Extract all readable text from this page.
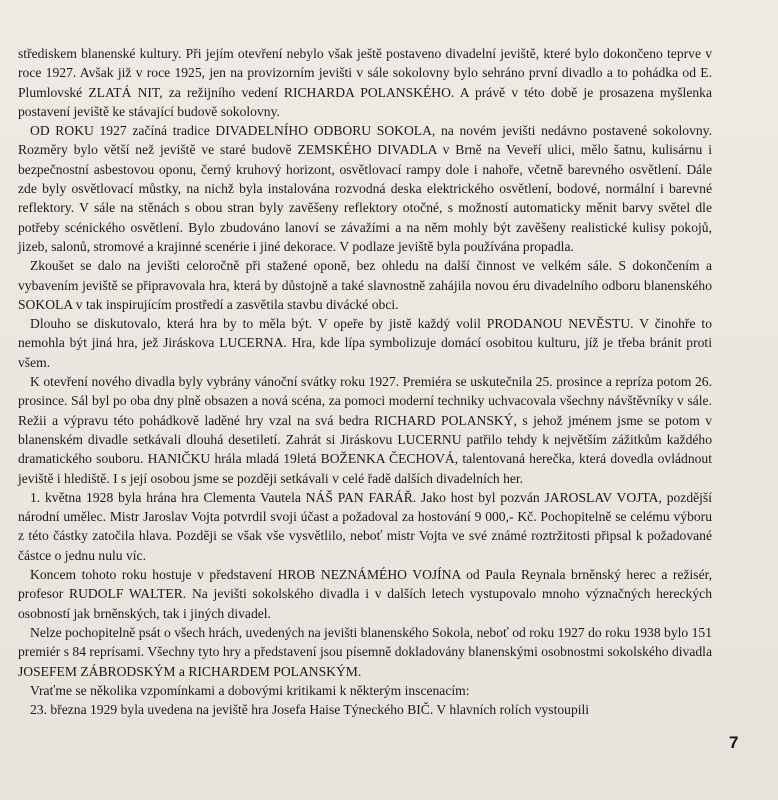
střediskem blanenské kultury. Při jejím otevření nebylo však ještě postaveno divadelní jeviště, které bylo dokončeno teprve v roce 1927. Avšak již v roce 1925, jen na provizorním jevišti v sále sokolovny bylo sehráno první divadlo a to pohádka od E. Plumlovské ZLATÁ NIT, za režijního vedení RICHARDA POLANSKÉHO. A právě v této době je prosazena myšlenka postavení jeviště ke stávající budově sokolovny.

OD ROKU 1927 začíná tradice DIVADELNÍHO ODBORU SOKOLA, na novém jevišti nedávno postavené sokolovny. Rozměry bylo větší než jeviště ve staré budově ZEMSKÉHO DIVADLA v Brně na Veveří ulici, mělo šatnu, kulisárnu i bezpečnostní asbestovou oponu, černý kruhový horizont, osvětlovací rampy dole i nahoře, včetně barevného osvětlení. Dále zde byly osvětlovací můstky, na nichž byla instalována rozvodná deska elektrického osvětlení, bodové, normální i barevné reflektory. V sále na stěnách s obou stran byly zavěšeny reflektory otočné, s možností automaticky měnit barvy světel dle potřeby scénického osvětlení. Bylo zbudováno lanoví se závažími a na něm mohly být zavěšeny realistické kulisy pokojů, jizeb, salonů, stromové a krajinné scenérie i jiné dekorace. V podlaze jeviště byla používána propadla.

Zkoušet se dalo na jevišti celoročně při stažené oponě, bez ohledu na další činnost ve velkém sále. S dokončením a vybavením jeviště se připravovala hra, která by důstojně a také slavnostně zahájila novou éru divadelního odboru blanenského SOKOLA v tak inspirujícím prostředí a zasvětila stavbu divácké obci.

Dlouho se diskutovalo, která hra by to měla být. V opeře by jistě každý volil PRODANOU NEVĚSTU. V činohře to nemohla být jiná hra, jež Jiráskova LUCERNA. Hra, kde lípa symbolizuje domácí osobitou kulturu, jíž je třeba bránit proti všem.

K otevření nového divadla byly vybrány vánoční svátky roku 1927. Premiéra se uskutečnila 25. prosince a repríza potom 26. prosince. Sál byl po oba dny plně obsazen a nová scéna, za pomoci moderní techniky uchvacovala všechny návštěvníky v sále. Režii a výpravu této pohádkově laděné hry vzal na svá bedra RICHARD POLANSKÝ, s jehož jménem jsme se potom v blanenském divadle setkávali dlouhá desetiletí. Zahrát si Jiráskovu LUCERNU patřilo tehdy k největším zážitkům každého dramatického souboru. HANIČKU hrála mladá 19letá BOŽENKA ČECHOVÁ, talentovaná herečka, která dovedla ovládnout jeviště i hlediště. I s její osobou jsme se později setkávali v celé řadě dalších divadelních her.

1. května 1928 byla hrána hra Clementa Vautela NÁŠ PAN FARÁŘ. Jako host byl pozván JAROSLAV VOJTA, pozdější národní umělec. Mistr Jaroslav Vojta potvrdil svoji účast a požadoval za hostování 9 000,- Kč. Pochopitelně se celému výboru z této částky zatočila hlava. Později se však vše vysvětlilo, neboť mistr Vojta ve své známé roztržitosti připsal k požadované částce o jednu nulu víc.

Koncem tohoto roku hostuje v představení HROB NEZNÁMÉHO VOJÍNA od Paula Reynala brněnský herec a režisér, profesor RUDOLF WALTER. Na jevišti sokolského divadla i v dalších letech vystupovalo mnoho význačných hereckých osobností jak brněnských, tak i jiných divadel.

Nelze pochopitelně psát o všech hrách, uvedených na jevišti blanenského Sokola, neboť od roku 1927 do roku 1938 bylo 151 premiér s 84 reprísami. Všechny tyto hry a představení jsou písemně dokladovány blanenskými osobnostmi sokolského divadla JOSEFEM ZÁBRODSKÝM a RICHARDEM POLANSKÝM.

Vraťme se několika vzpomínkami a dobovými kritikami k některým inscenacím:

23. března 1929 byla uvedena na jeviště hra Josefa Haise Týneckého BIČ. V hlavních rolích vystoupili

7
